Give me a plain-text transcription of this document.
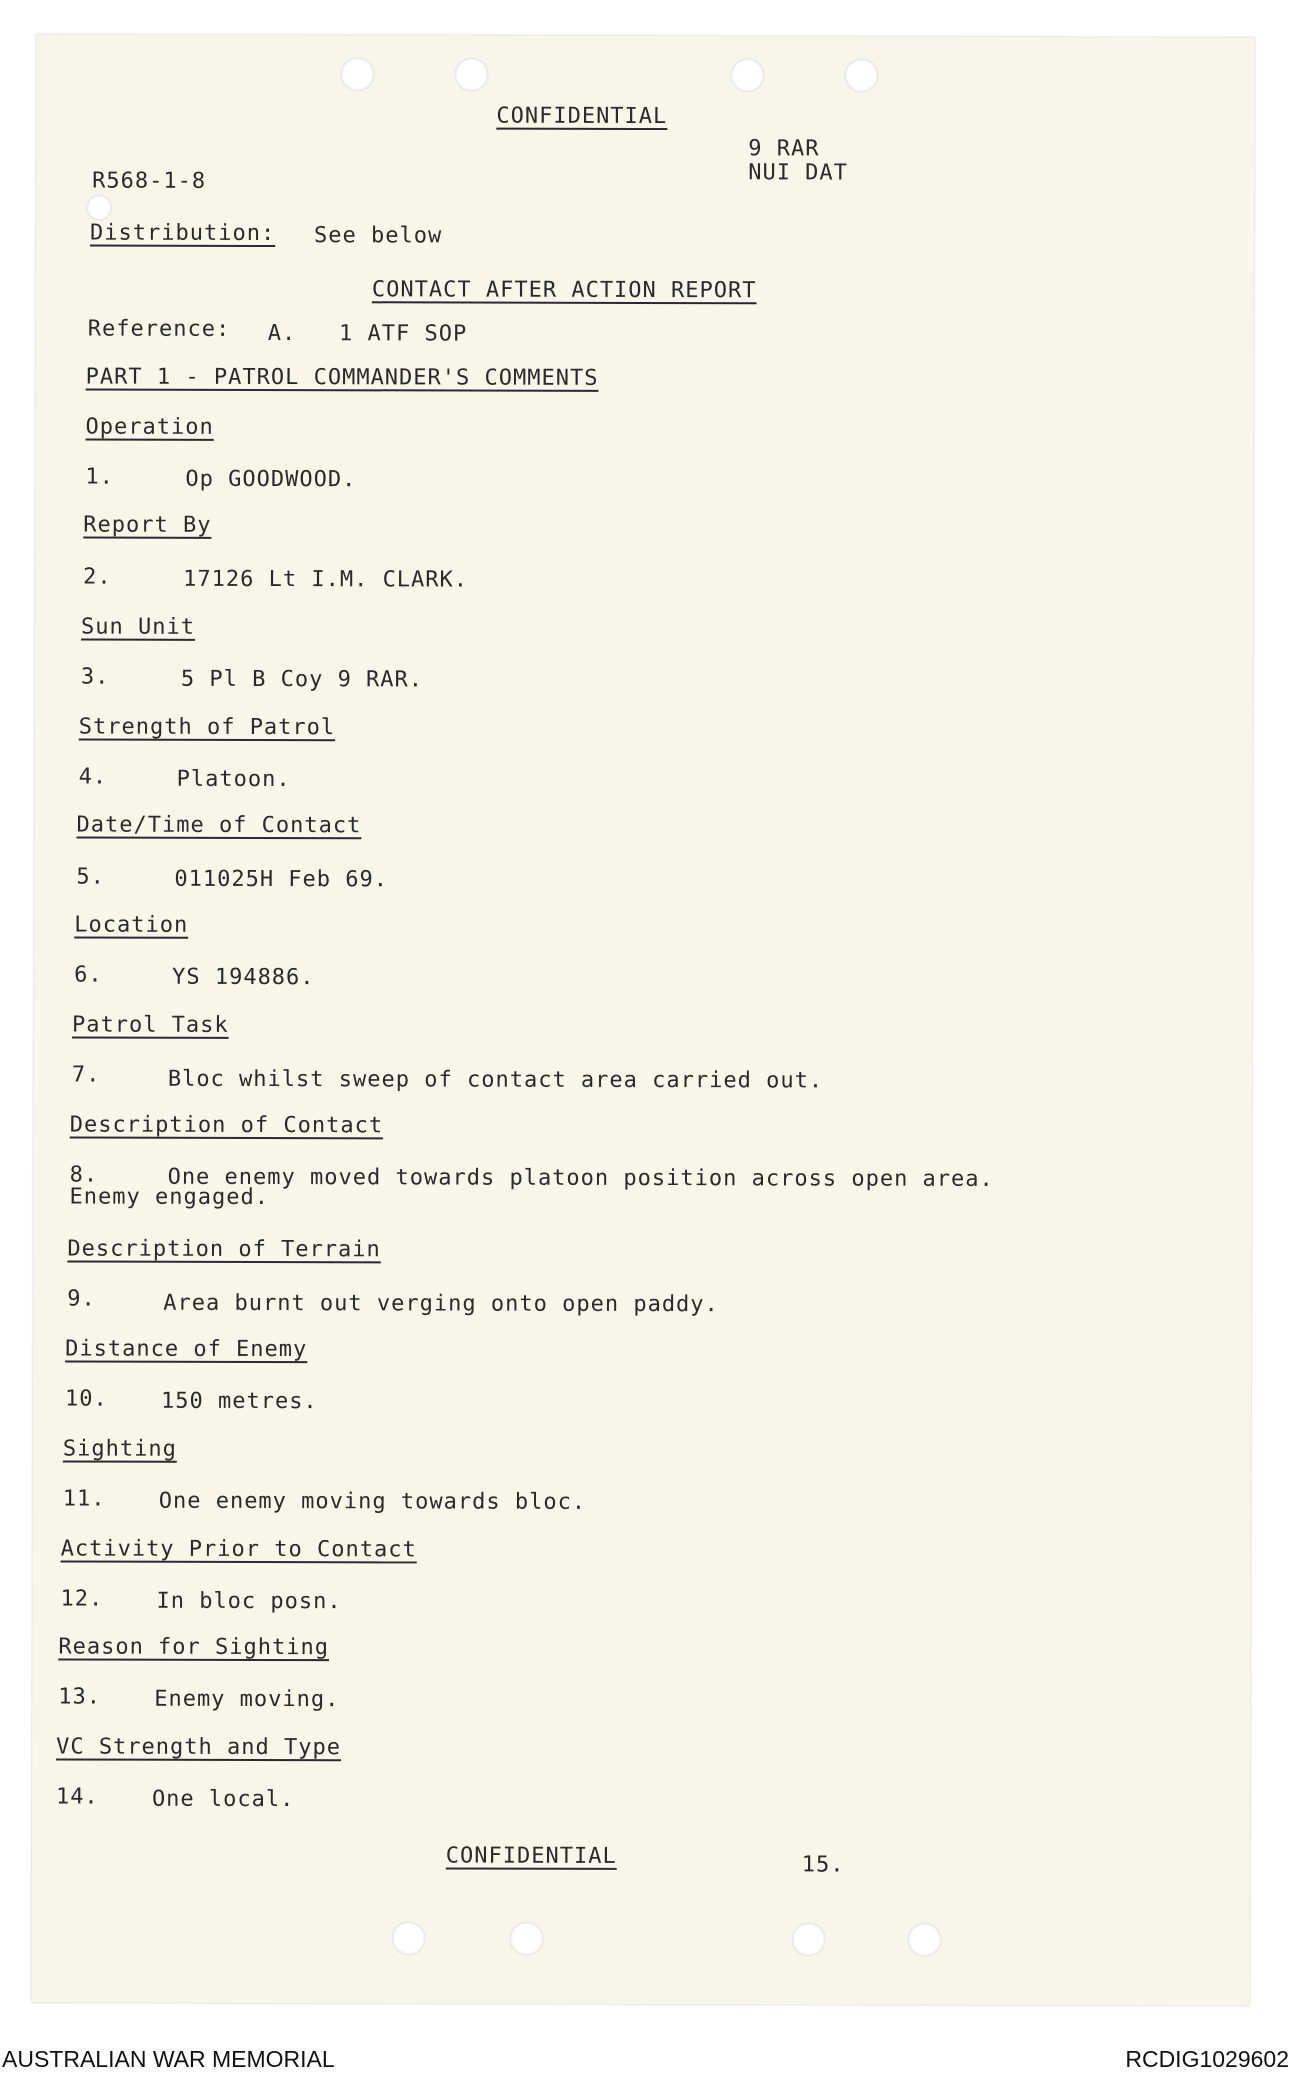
CONFIDENTIAL
9 RAR
NUI DAT
R568-1-8
Distribution: See below
CONTACT AFTER ACTION REPORT
Reference: A.   1 ATF SOP
PART 1 - PATROL COMMANDER'S COMMENTS
Operation
1.	Op GOODWOOD.
Report By
2.	17126 Lt I.M. CLARK.
Sun Unit
3.	5 Pl B Coy 9 RAR.
Strength of Patrol
4.	Platoon.
Date/Time of Contact
5.	011025H Feb 69.
Location
6.	YS 194886.
Patrol Task
7.	Bloc whilst sweep of contact area carried out.
Description of Contact
8.	One enemy moved towards platoon position across open area.
Enemy engaged.
Description of Terrain
9.	Area burnt out verging onto open paddy.
Distance of Enemy
10. 150 metres.
Sighting
11. One enemy moving towards bloc.
Activity Prior to Contact
12. In bloc posn.
Reason for Sighting
13. Enemy moving.
VC Strength and Type
14. One local.
CONFIDENTIAL	15.
AUSTRALIAN WAR MEMORIAL	RCDIG1029602
